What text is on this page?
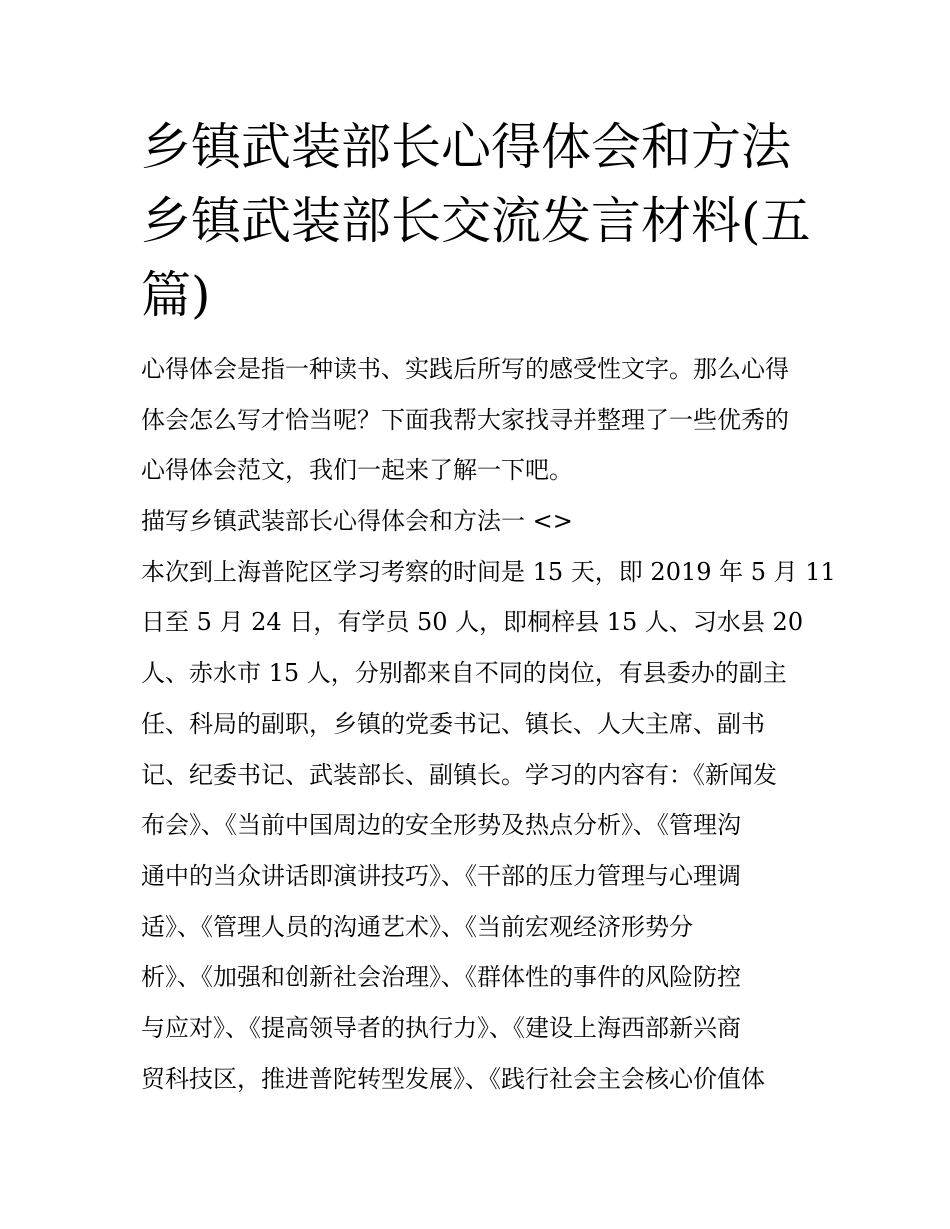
乡镇武装部长心得体会和方法
乡镇武装部长交流发言材料(五
篇)
心得体会是指一种读书、实践后所写的感受性文字。那么心得
体会怎么写才恰当呢？下面我帮大家找寻并整理了一些优秀的
心得体会范文，我们一起来了解一下吧。
描写乡镇武装部长心得体会和方法一 <>
本次到上海普陀区学习考察的时间是 15 天，即 2019 年 5 月 11
日至 5 月 24 日，有学员 50 人，即桐梓县 15 人、习水县 20
人、赤水市 15 人，分别都来自不同的岗位，有县委办的副主
任、科局的副职，乡镇的党委书记、镇长、人大主席、副书
记、纪委书记、武装部长、副镇长。学习的内容有：《新闻发
布会》、《当前中国周边的安全形势及热点分析》、《管理沟
通中的当众讲话即演讲技巧》、《干部的压力管理与心理调
适》、《管理人员的沟通艺术》、《当前宏观经济形势分
析》、《加强和创新社会治理》、《群体性的事件的风险防控
与应对》、《提高领导者的执行力》、《建设上海西部新兴商
贸科技区，推进普陀转型发展》、《践行社会主会核心价值体
